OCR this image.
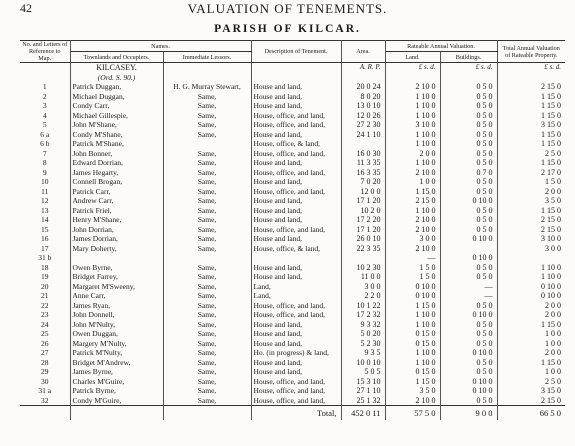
42	VALUATION OF TENEMENTS.
PARISH OF KILCAR.
No. and Letters of Reference to Map.	Names.		Description of Tenement.	Area.	Rateable Annual Valuation.		Total Annual Valuation of Rateable Property.
	Townlands and Occupiers.	Immediate Lessors.			Land.	Buildings.	
	KILCASEY.			A. R. P.	£ s. d.	£ s. d.	£ s. d.
	(Ord. S. 90.)						
1	Patrick Duggan,	H. G. Murray Stewart,	House and land,	20 0 24	2 10 0	0 5 0	2 15 0
2	Michael Duggan,	Same,	House and land,	8 0 20	1 10 0	0 5 0	1 15 0
3	Condy Carr,	Same,	House and land,	13 0 10	1 10 0	0 5 0	1 15 0
4	Michael Gillespie,	Same,	House, office, and land,	12 0 26	1 10 0	0 5 0	1 15 0
5	John M'Shane,	Same,	House, office, and land,	27 2 30	3 10 0	0 5 0	3 15 0
6 a	Condy M'Shane,	Same,	House and land,	24 1 10	1 10 0	0 5 0	1 15 0
6 b	Patrick M'Shane,		House, office, & land,		1 10 0	0 5 0	1 15 0
7	John Bonner,	Same,	House, office, and land,	16 0 30	2 0 0	0 5 0	2 5 0
8	Edward Dorrian,	Same,	House and land,	11 3 35	1 10 0	0 5 0	1 15 0
9	James Hegarty,	Same,	House, office, and land,	16 3 35	2 10 0	0 7 0	2 17 0
10	Connell Brogan,	Same,	House and land,	7 0 20	1 0 0	0 5 0	1 5 0
11	Patrick Carr,	Same,	House, office, and land,	12 0 0	1 15 0	0 5 0	2 0 0
12	Andrew Carr,	Same,	House and land,	17 1 20	2 15 0	0 10 0	3 5 0
13	Patrick Friel,	Same,	House and land,	10 2 0	1 10 0	0 5 0	1 15 0
14	Henry M'Shane,	Same,	House and land,	17 2 20	2 10 0	0 5 0	2 15 0
15	John Dorrian,	Same,	House, office, and land,	17 1 20	2 10 0	0 5 0	2 15 0
16	James Dorrian,	Same,	House and land,	26 0 10	3 0 0	0 10 0	3 10 0
17	Mary Doherty,	Same,	House, office, & land,	22 3 35	2 10 0		3 0 0
31 b					—	0 10 0	
18	Owen Byrne,	Same,	House and land,	10 2 30	1 5 0	0 5 0	1 10 0
19	Bridget Farrey,	Same,	House and land,	11 0 0	1 5 0	0 5 0	1 10 0
20	Margaret M'Sweeny,	Same,	Land,	3 0 0	0 10 0	—	0 10 0
21	Anne Carr,	Same,	Land,	2 2 0	0 10 0	—	0 10 0
22	James Ryan,	Same,	House, office, and land,	10 1 22	1 15 0	0 5 0	2 0 0
23	John Donnell,	Same,	House, office, and land,	17 2 32	1 10 0	0 10 0	2 0 0
24	John M'Nulty,	Same,	House and land,	9 3 32	1 10 0	0 5 0	1 15 0
25	Owen Duggan,	Same,	House and land,	5 0 20	0 15 0	0 5 0	1 0 0
26	Margery M'Nulty,	Same,	House and land,	5 2 30	0 15 0	0 5 0	1 0 0
27	Patrick M'Nulty,	Same,	Ho. (in progress) & land,	9 3 5	1 10 0	0 10 0	2 0 0
28	Bridget M'Andrew,	Same,	House and land,	10 0 10	1 10 0	0 5 0	1 15 0
29	James Byrne,	Same,	House and land,	5 0 5	0 15 0	0 5 0	1 0 0
30	Charles M'Guire,	Same,	House, office, and land,	15 3 10	1 15 0	0 10 0	2 5 0
31 a	Patrick Byrne,	Same,	House, office, and land,	27 1 10	3 5 0	0 10 0	3 15 0
32	Condy M'Guire,	Same,	House, office, and land,	25 1 32	2 10 0	0 5 0	2 15 0
			Total,	452 0 11	57 5 0	9 0 0	66 5 0
